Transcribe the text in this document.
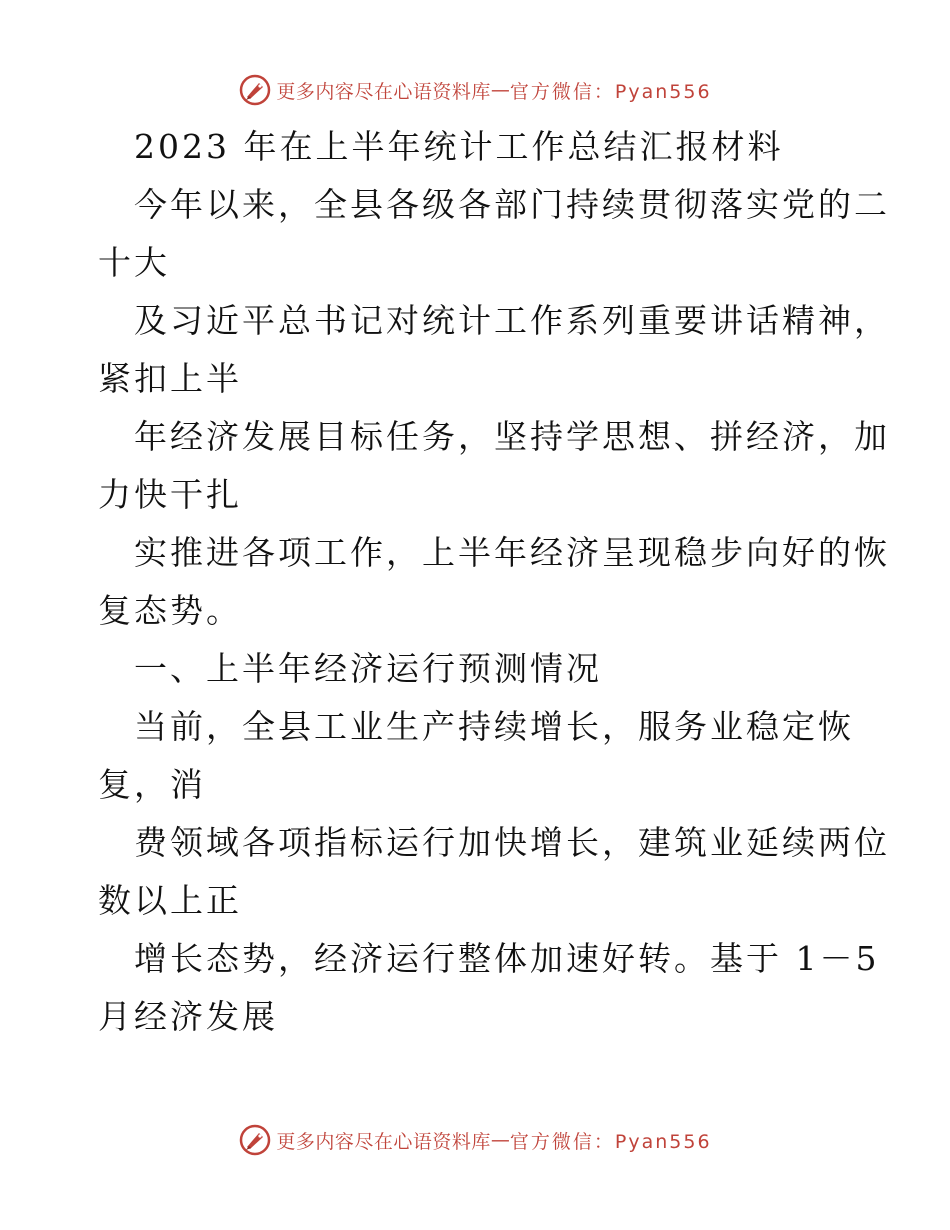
更多内容尽在心语资料库 — 官方微信：Pyan556
2023 年在上半年统计工作总结汇报材料
今年以来，全县各级各部门持续贯彻落实党的二
十大
及习近平总书记对统计工作系列重要讲话精神，
紧扣上半
年经济发展目标任务，坚持学思想、拼经济，加
力快干扎
实推进各项工作，上半年经济呈现稳步向好的恢
复态势。
一、上半年经济运行预测情况
当前，全县工业生产持续增长，服务业稳定恢
复，消
费领域各项指标运行加快增长，建筑业延续两位
数以上正
增长态势，经济运行整体加速好转。基于 1－5
月经济发展
更多内容尽在心语资料库 — 官方微信：Pyan556
